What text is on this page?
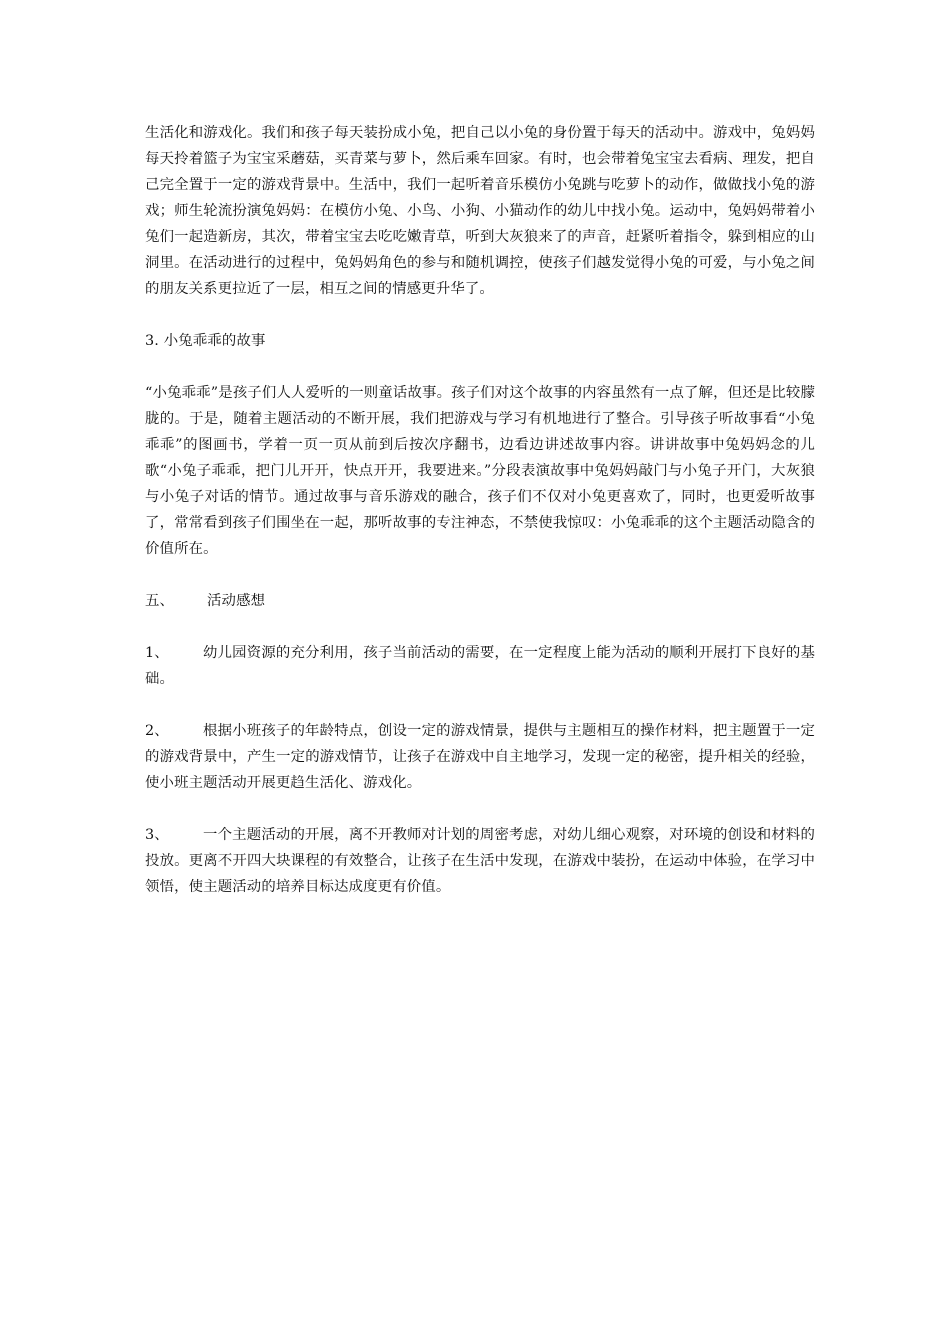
生活化和游戏化。我们和孩子每天装扮成小兔，把自己以小兔的身份置于每天的活动中。游戏中，兔妈妈每天拎着篮子为宝宝采蘑菇，买青菜与萝卜，然后乘车回家。有时，也会带着兔宝宝去看病、理发，把自己完全置于一定的游戏背景中。生活中，我们一起听着音乐模仿小兔跳与吃萝卜的动作，做做找小兔的游戏；师生轮流扮演兔妈妈：在模仿小兔、小鸟、小狗、小猫动作的幼儿中找小兔。运动中，兔妈妈带着小兔们一起造新房，其次，带着宝宝去吃吃嫩青草，听到大灰狼来了的声音，赶紧听着指令，躲到相应的山洞里。在活动进行的过程中，兔妈妈角色的参与和随机调控，使孩子们越发觉得小兔的可爱，与小兔之间的朋友关系更拉近了一层，相互之间的情感更升华了。

3. 小兔乖乖的故事

“小兔乖乖”是孩子们人人爱听的一则童话故事。孩子们对这个故事的内容虽然有一点了解，但还是比较朦胧的。于是，随着主题活动的不断开展，我们把游戏与学习有机地进行了整合。引导孩子听故事看“小兔乖乖”的图画书，学着一页一页从前到后按次序翻书，边看边讲述故事内容。讲讲故事中兔妈妈念的儿歌“小兔子乖乖，把门儿开开，快点开开，我要进来。”分段表演故事中兔妈妈敲门与小兔子开门，大灰狼与小兔子对话的情节。通过故事与音乐游戏的融合，孩子们不仅对小兔更喜欢了，同时，也更爱听故事了，常常看到孩子们围坐在一起，那听故事的专注神态，不禁使我惊叹：小兔乖乖的这个主题活动隐含的价值所在。

五、 活动感想

1、 幼儿园资源的充分利用，孩子当前活动的需要，在一定程度上能为活动的顺利开展打下良好的基础。

2、 根据小班孩子的年龄特点，创设一定的游戏情景，提供与主题相互的操作材料，把主题置于一定的游戏背景中，产生一定的游戏情节，让孩子在游戏中自主地学习，发现一定的秘密，提升相关的经验，使小班主题活动开展更趋生活化、游戏化。

3、 一个主题活动的开展，离不开教师对计划的周密考虑，对幼儿细心观察，对环境的创设和材料的投放。更离不开四大块课程的有效整合，让孩子在生活中发现，在游戏中装扮，在运动中体验，在学习中领悟，使主题活动的培养目标达成度更有价值。
